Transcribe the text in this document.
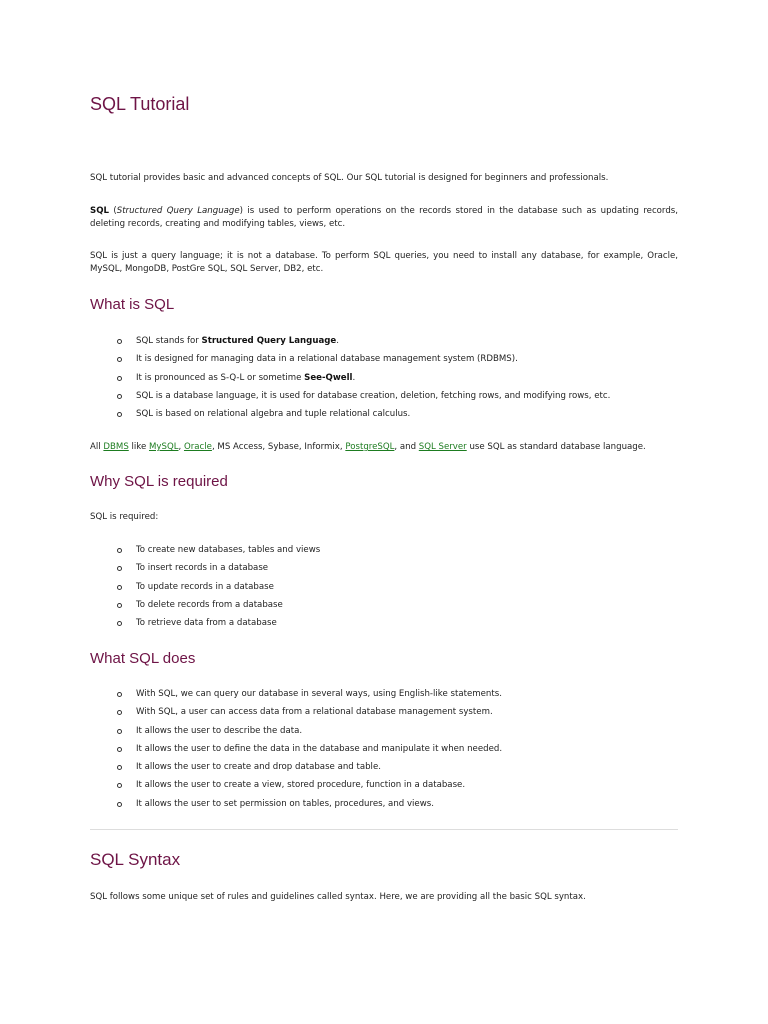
SQL Tutorial

SQL tutorial provides basic and advanced concepts of SQL. Our SQL tutorial is designed for beginners and professionals.

SQL (Structured Query Language) is used to perform operations on the records stored in the database such as updating records, deleting records, creating and modifying tables, views, etc.

SQL is just a query language; it is not a database. To perform SQL queries, you need to install any database, for example, Oracle, MySQL, MongoDB, PostGre SQL, SQL Server, DB2, etc.

What is SQL
SQL stands for Structured Query Language.
It is designed for managing data in a relational database management system (RDBMS).
It is pronounced as S-Q-L or sometime See-Qwell.
SQL is a database language, it is used for database creation, deletion, fetching rows, and modifying rows, etc.
SQL is based on relational algebra and tuple relational calculus.

All DBMS like MySQL, Oracle, MS Access, Sybase, Informix, PostgreSQL, and SQL Server use SQL as standard database language.

Why SQL is required

SQL is required:

To create new databases, tables and views
To insert records in a database
To update records in a database
To delete records from a database
To retrieve data from a database
What SQL does
With SQL, we can query our database in several ways, using English-like statements.
With SQL, a user can access data from a relational database management system.
It allows the user to describe the data.
It allows the user to define the data in the database and manipulate it when needed.
It allows the user to create and drop database and table.
It allows the user to create a view, stored procedure, function in a database.
It allows the user to set permission on tables, procedures, and views.
SQL Syntax

SQL follows some unique set of rules and guidelines called syntax. Here, we are providing all the basic SQL syntax.
